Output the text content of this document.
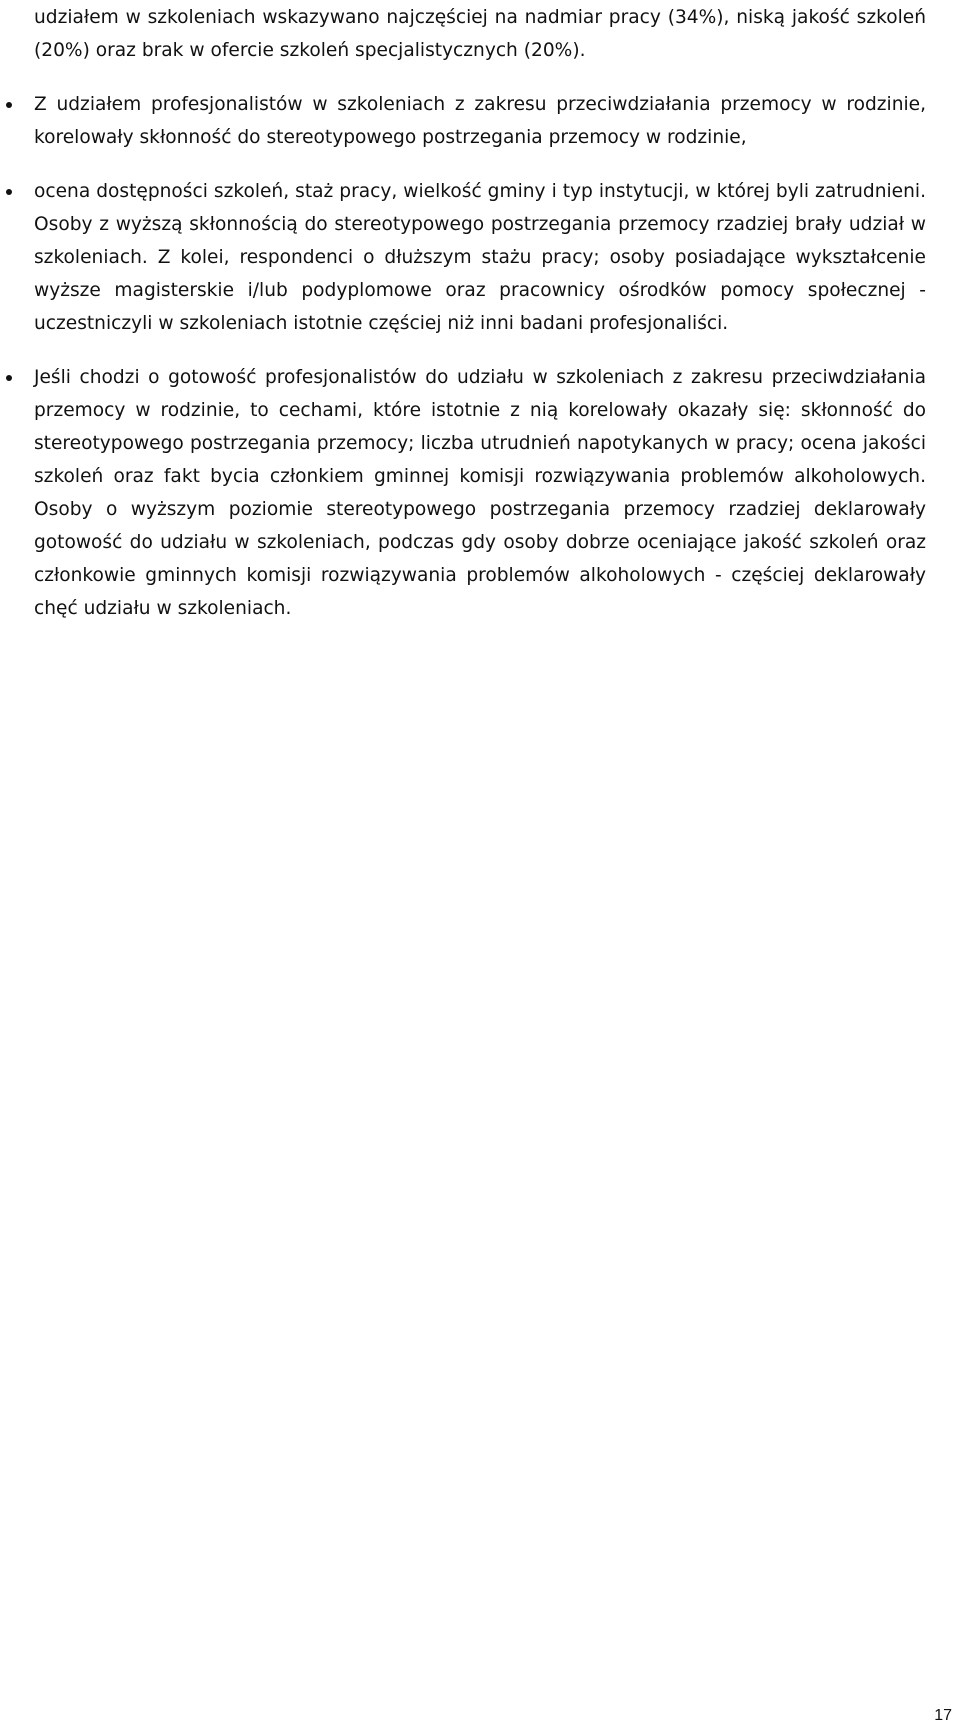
udziałem w szkoleniach wskazywano najczęściej na nadmiar pracy (34%), niską jakość szkoleń (20%) oraz brak w ofercie szkoleń specjalistycznych (20%).

Z udziałem profesjonalistów w szkoleniach z zakresu przeciwdziałania przemocy w rodzinie, korelowały skłonność do stereotypowego postrzegania przemocy w rodzinie,

ocena dostępności szkoleń, staż pracy, wielkość gminy i typ instytucji, w której byli zatrudnieni. Osoby z wyższą skłonnością do stereotypowego postrzegania przemocy rzadziej brały udział w szkoleniach. Z kolei, respondenci o dłuższym stażu pracy; osoby posiadające wykształcenie wyższe magisterskie i/lub podyplomowe oraz pracownicy ośrodków pomocy społecznej - uczestniczyli w szkoleniach istotnie częściej niż inni badani profesjonaliści.

Jeśli chodzi o gotowość profesjonalistów do udziału w szkoleniach z zakresu przeciwdziałania przemocy w rodzinie, to cechami, które istotnie z nią korelowały okazały się: skłonność do stereotypowego postrzegania przemocy; liczba utrudnień napotykanych w pracy; ocena jakości szkoleń oraz fakt bycia członkiem gminnej komisji rozwiązywania problemów alkoholowych. Osoby o wyższym poziomie stereotypowego postrzegania przemocy rzadziej deklarowały gotowość do udziału w szkoleniach, podczas gdy osoby dobrze oceniające jakość szkoleń oraz członkowie gminnych komisji rozwiązywania problemów alkoholowych - częściej deklarowały chęć udziału w szkoleniach.

17
